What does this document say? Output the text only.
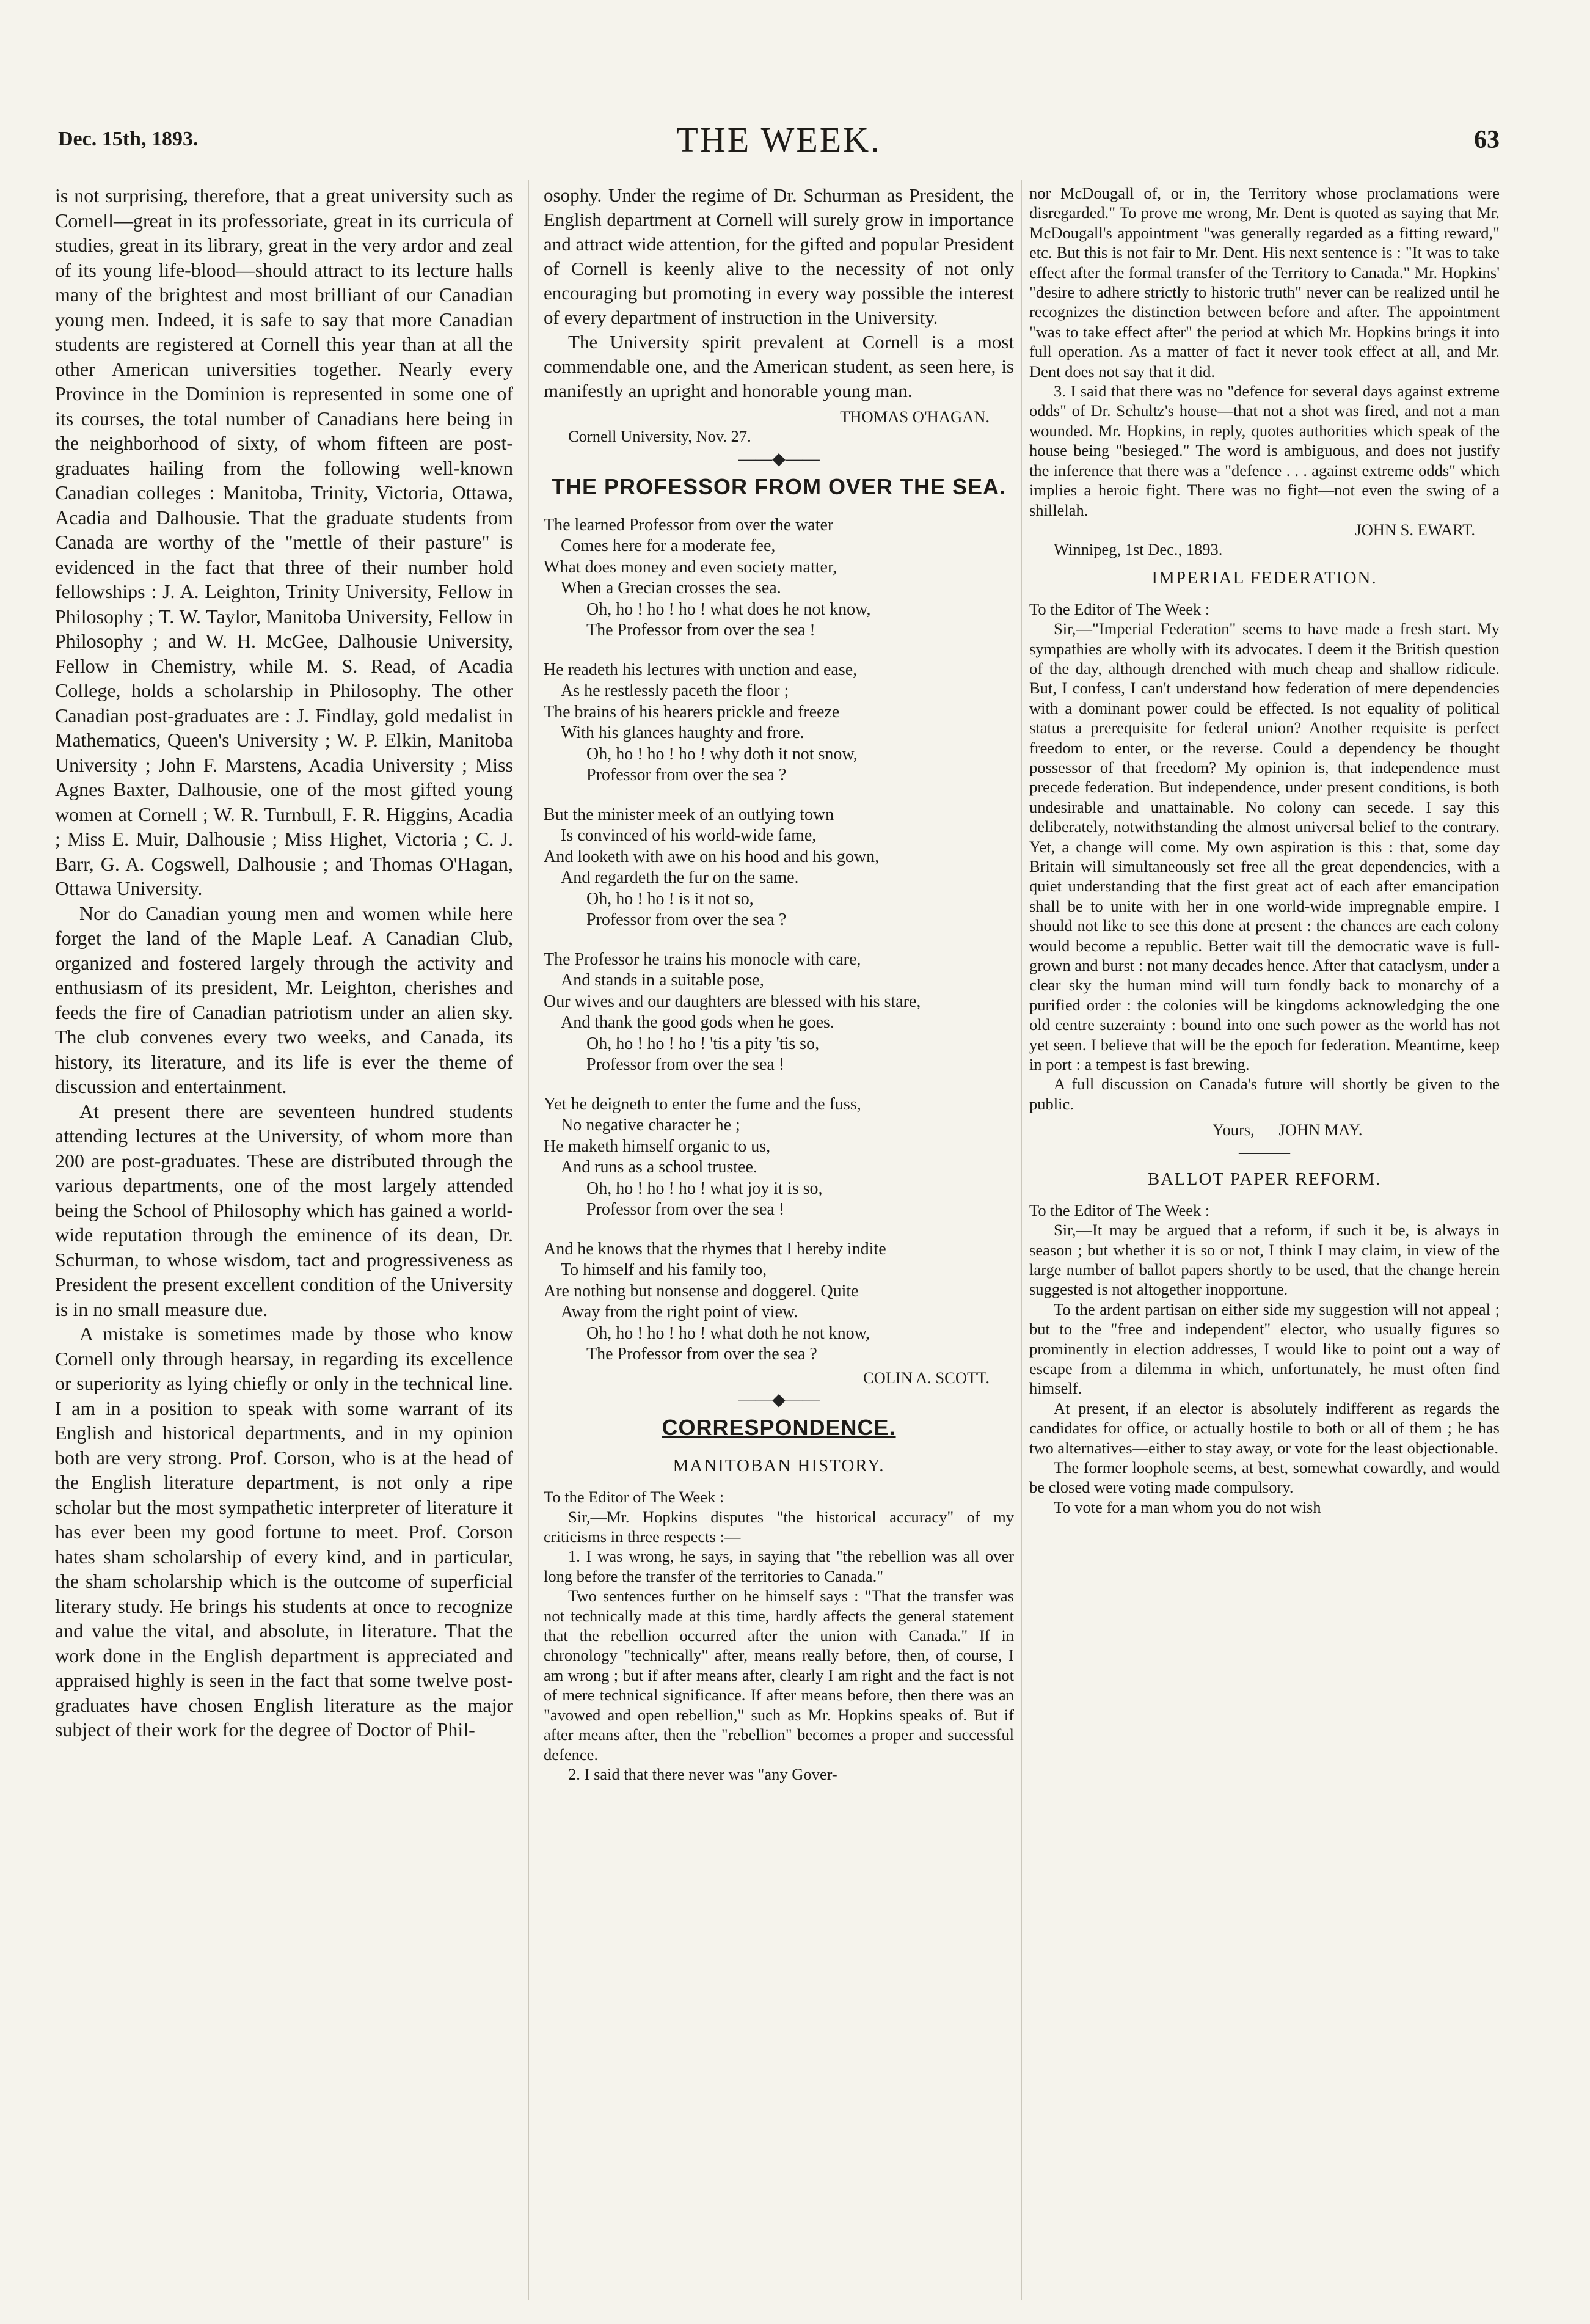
Dec. 15th, 1893.	THE WEEK.	63

is not surprising, therefore, that a great university such as Cornell—great in its professoriate, great in its curricula of studies, great in its library, great in the very ardor and zeal of its young life-blood—should attract to its lecture halls many of the brightest and most brilliant of our Canadian young men. Indeed, it is safe to say that more Canadian students are registered at Cornell this year than at all the other American universities together. Nearly every Province in the Dominion is represented in some one of its courses, the total number of Canadians here being in the neighborhood of sixty, of whom fifteen are post-graduates hailing from the following well-known Canadian colleges : Manitoba, Trinity, Victoria, Ottawa, Acadia and Dalhousie. That the graduate students from Canada are worthy of the "mettle of their pasture" is evidenced in the fact that three of their number hold fellowships : J. A. Leighton, Trinity University, Fellow in Philosophy ; T. W. Taylor, Manitoba University, Fellow in Philosophy ; and W. H. McGee, Dalhousie University, Fellow in Chemistry, while M. S. Read, of Acadia College, holds a scholarship in Philosophy. The other Canadian post-graduates are : J. Findlay, gold medalist in Mathematics, Queen's University ; W. P. Elkin, Manitoba University ; John F. Marstens, Acadia University ; Miss Agnes Baxter, Dalhousie, one of the most gifted young women at Cornell ; W. R. Turnbull, F. R. Higgins, Acadia ; Miss E. Muir, Dalhousie ; Miss Highet, Victoria ; C. J. Barr, G. A. Cogswell, Dalhousie ; and Thomas O'Hagan, Ottawa University.

Nor do Canadian young men and women while here forget the land of the Maple Leaf. A Canadian Club, organized and fostered largely through the activity and enthusiasm of its president, Mr. Leighton, cherishes and feeds the fire of Canadian patriotism under an alien sky. The club convenes every two weeks, and Canada, its history, its literature, and its life is ever the theme of discussion and entertainment.

At present there are seventeen hundred students attending lectures at the University, of whom more than 200 are post-graduates. These are distributed through the various departments, one of the most largely attended being the School of Philosophy which has gained a world-wide reputation through the eminence of its dean, Dr. Schurman, to whose wisdom, tact and progressiveness as President the present excellent condition of the University is in no small measure due.

A mistake is sometimes made by those who know Cornell only through hearsay, in regarding its excellence or superiority as lying chiefly or only in the technical line. I am in a position to speak with some warrant of its English and historical departments, and in my opinion both are very strong. Prof. Corson, who is at the head of the English literature department, is not only a ripe scholar but the most sympathetic interpreter of literature it has ever been my good fortune to meet. Prof. Corson hates sham scholarship of every kind, and in particular, the sham scholarship which is the outcome of superficial literary study. He brings his students at once to recognize and value the vital, and absolute, in literature. That the work done in the English department is appreciated and appraised highly is seen in the fact that some twelve post-graduates have chosen English literature as the major subject of their work for the degree of Doctor of Phil-

osophy. Under the regime of Dr. Schurman as President, the English department at Cornell will surely grow in importance and attract wide attention, for the gifted and popular President of Cornell is keenly alive to the necessity of not only encouraging but promoting in every way possible the interest of every department of instruction in the University.

The University spirit prevalent at Cornell is a most commendable one, and the American student, as seen here, is manifestly an upright and honorable young man.

THOMAS O'HAGAN.

Cornell University, Nov. 27.

——◆——
THE PROFESSOR FROM OVER THE SEA.
The learned Professor from over the water
Comes here for a moderate fee,
What does money and even society matter,
When a Grecian crosses the sea.
Oh, ho ! ho ! ho ! what does he not know,
The Professor from over the sea !
He readeth his lectures with unction and ease,
As he restlessly paceth the floor ;
The brains of his hearers prickle and freeze
With his glances haughty and frore.
Oh, ho ! ho ! ho ! why doth it not snow,
Professor from over the sea ?
But the minister meek of an outlying town
Is convinced of his world-wide fame,
And looketh with awe on his hood and his gown,
And regardeth the fur on the same.
Oh, ho ! ho ! is it not so,
Professor from over the sea ?
The Professor he trains his monocle with care,
And stands in a suitable pose,
Our wives and our daughters are blessed with his stare,
And thank the good gods when he goes.
Oh, ho ! ho ! ho ! 'tis a pity 'tis so,
Professor from over the sea !
Yet he deigneth to enter the fume and the fuss,
No negative character he ;
He maketh himself organic to us,
And runs as a school trustee.
Oh, ho ! ho ! ho ! what joy it is so,
Professor from over the sea !
And he knows that the rhymes that I hereby indite
To himself and his family too,
Are nothing but nonsense and doggerel. Quite
Away from the right point of view.
Oh, ho ! ho ! ho ! what doth he not know,
The Professor from over the sea ?

COLIN A. SCOTT.

——◆——
CORRESPONDENCE.
MANITOBAN HISTORY.

To the Editor of The Week :

Sir,—Mr. Hopkins disputes "the historical accuracy" of my criticisms in three respects :—

1. I was wrong, he says, in saying that "the rebellion was all over long before the transfer of the territories to Canada."

Two sentences further on he himself says : "That the transfer was not technically made at this time, hardly affects the general statement that the rebellion occurred after the union with Canada." If in chronology "technically" after, means really before, then, of course, I am wrong ; but if after means after, clearly I am right and the fact is not of mere technical significance. If after means before, then there was an "avowed and open rebellion," such as Mr. Hopkins speaks of. But if after means after, then the "rebellion" becomes a proper and successful defence.

2. I said that there never was "any Gover-

nor McDougall of, or in, the Territory whose proclamations were disregarded." To prove me wrong, Mr. Dent is quoted as saying that Mr. McDougall's appointment "was generally regarded as a fitting reward," etc. But this is not fair to Mr. Dent. His next sentence is : "It was to take effect after the formal transfer of the Territory to Canada." Mr. Hopkins' "desire to adhere strictly to historic truth" never can be realized until he recognizes the distinction between before and after. The appointment "was to take effect after" the period at which Mr. Hopkins brings it into full operation. As a matter of fact it never took effect at all, and Mr. Dent does not say that it did.

3. I said that there was no "defence for several days against extreme odds" of Dr. Schultz's house—that not a shot was fired, and not a man wounded. Mr. Hopkins, in reply, quotes authorities which speak of the house being "besieged." The word is ambiguous, and does not justify the inference that there was a "defence . . . against extreme odds" which implies a heroic fight. There was no fight—not even the swing of a shillelah.

JOHN S. EWART.

Winnipeg, 1st Dec., 1893.

IMPERIAL FEDERATION.

To the Editor of The Week :

Sir,—"Imperial Federation" seems to have made a fresh start. My sympathies are wholly with its advocates. I deem it the British question of the day, although drenched with much cheap and shallow ridicule. But, I confess, I can't understand how federation of mere dependencies with a dominant power could be effected. Is not equality of political status a prerequisite for federal union? Another requisite is perfect freedom to enter, or the reverse. Could a dependency be thought possessor of that freedom? My opinion is, that independence must precede federation. But independence, under present conditions, is both undesirable and unattainable. No colony can secede. I say this deliberately, notwithstanding the almost universal belief to the contrary. Yet, a change will come. My own aspiration is this : that, some day Britain will simultaneously set free all the great dependencies, with a quiet understanding that the first great act of each after emancipation shall be to unite with her in one world-wide impregnable empire. I should not like to see this done at present : the chances are each colony would become a republic. Better wait till the democratic wave is full-grown and burst : not many decades hence. After that cataclysm, under a clear sky the human mind will turn fondly back to monarchy of a purified order : the colonies will be kingdoms acknowledging the one old centre suzerainty : bound into one such power as the world has not yet seen. I believe that will be the epoch for federation. Meantime, keep in port : a tempest is fast brewing.

A full discussion on Canada's future will shortly be given to the public.

Yours, JOHN MAY.

———
BALLOT PAPER REFORM.

To the Editor of The Week :

Sir,—It may be argued that a reform, if such it be, is always in season ; but whether it is so or not, I think I may claim, in view of the large number of ballot papers shortly to be used, that the change herein suggested is not altogether inopportune.

To the ardent partisan on either side my suggestion will not appeal ; but to the "free and independent" elector, who usually figures so prominently in election addresses, I would like to point out a way of escape from a dilemma in which, unfortunately, he must often find himself.

At present, if an elector is absolutely indifferent as regards the candidates for office, or actually hostile to both or all of them ; he has two alternatives—either to stay away, or vote for the least objectionable.

The former loophole seems, at best, somewhat cowardly, and would be closed were voting made compulsory.

To vote for a man whom you do not wish
